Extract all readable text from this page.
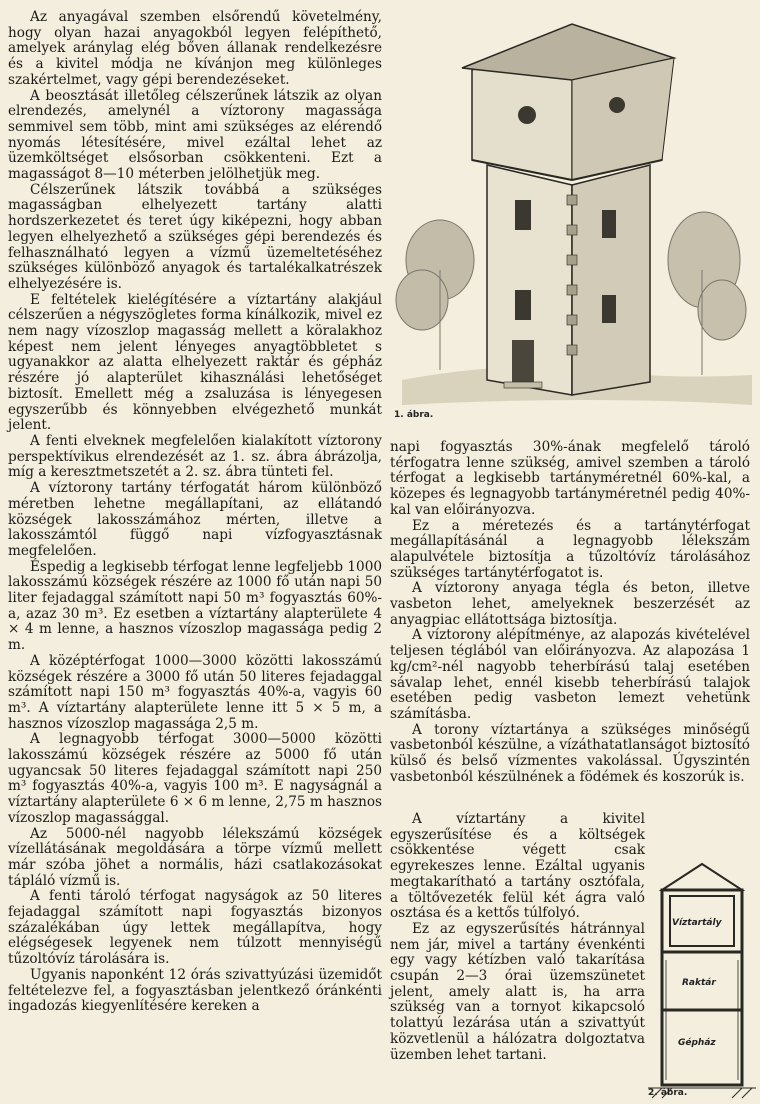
Az anyagával szemben elsőrendű követelmény, hogy olyan hazai anyagokból legyen felépíthető, amelyek aránylag elég bőven állanak rendelkezésre és a kivitel módja ne kívánjon meg különleges szakértelmet, vagy gépi berendezéseket.

A beosztását illetőleg célszerűnek látszik az olyan elrendezés, amelynél a víztorony magassága semmivel sem több, mint ami szükséges az elérendő nyomás létesítésére, mivel ezáltal lehet az üzemköltséget elsősorban csökkenteni. Ezt a magasságot 8—10 méterben jelölhetjük meg.

Célszerűnek látszik továbbá a szükséges magasságban elhelyezett tartány alatti hordszerkezetet és teret úgy kiképezni, hogy abban legyen elhelyezhető a szükséges gépi berendezés és felhasználható legyen a vízmű üzemeltetéséhez szükséges különböző anyagok és tartalékalkatrészek elhelyezésére is.

E feltételek kielégítésére a víztartány alakjául célszerűen a négyszögletes forma kínálkozik, mivel ez nem nagy vízoszlop magasság mellett a köralakhoz képest nem jelent lényeges anyagtöbbletet s ugyanakkor az alatta elhelyezett raktár és gépház részére jó alapterület kihasználási lehetőséget biztosít. Emellett még a zsaluzása is lényegesen egyszerűbb és könnyebben elvégezhető munkát jelent.

A fenti elveknek megfelelően kialakított víztorony perspektívikus elrendezését az 1. sz. ábra ábrázolja, míg a keresztmetszetét a 2. sz. ábra tünteti fel.

A víztorony tartány térfogatát három különböző méretben lehetne megállapítani, az ellátandó községek lakosszámához mérten, illetve a lakosszámtól függő napi vízfogyasztásnak megfelelően.

Éspedig a legkisebb térfogat lenne legfeljebb 1000 lakosszámú községek részére az 1000 fő után napi 50 liter fejadaggal számított napi 50 m³ fogyasztás 60%-a, azaz 30 m³. Ez esetben a víztartány alapterülete 4 × 4 m lenne, a hasznos vízoszlop magassága pedig 2 m.

A középtérfogat 1000—3000 közötti lakosszámú községek részére a 3000 fő után 50 literes fejadaggal számított napi 150 m³ fogyasztás 40%-a, vagyis 60 m³. A víztartány alapterülete lenne itt 5 × 5 m, a hasznos vízoszlop magassága 2,5 m.

A legnagyobb térfogat 3000—5000 közötti lakosszámú községek részére az 5000 fő után ugyancsak 50 literes fejadaggal számított napi 250 m³ fogyasztás 40%-a, vagyis 100 m³. E nagyságnál a víztartány alapterülete 6 × 6 m lenne, 2,75 m hasznos vízoszlop magassággal.

Az 5000-nél nagyobb lélekszámú községek vízellátásának megoldására a törpe vízmű mellett már szóba jöhet a normális, házi csatlakozásokat tápláló vízmű is.

A fenti tároló térfogat nagyságok az 50 literes fejadaggal számított napi fogyasztás bizonyos százalékában úgy lettek megállapítva, hogy elégségesek legyenek nem túlzott mennyiségű tűzoltóvíz tárolására is.

Ugyanis naponként 12 órás szivattyúzási üzemidőt feltételezve fel, a fogyasztásban jelentkező óránkénti ingadozás kiegyenlítésére kereken a

1. ábra.

napi fogyasztás 30%-ának megfelelő tároló térfogatra lenne szükség, amivel szemben a tároló térfogat a legkisebb tartányméretnél 60%-kal, a közepes és legnagyobb tartányméretnél pedig 40%-kal van előirányozva.

Ez a méretezés és a tartánytérfogat megállapításánál a legnagyobb lélekszám alapulvétele biztosítja a tűzoltóvíz tárolásához szükséges tartánytérfogatot is.

A víztorony anyaga tégla és beton, illetve vasbeton lehet, amelyeknek beszerzését az anyagpiac ellátottsága biztosítja.

A víztorony alépítménye, az alapozás kivételével teljesen téglából van előirányozva. Az alapozása 1 kg/cm²-nél nagyobb teherbírású talaj esetében sávalap lehet, ennél kisebb teherbírású talajok esetében pedig vasbeton lemezt vehetünk számításba.

A torony víztartánya a szükséges minőségű vasbetonból készülne, a vízáthatatlanságot biztosító külső és belső vízmentes vakolással. Úgyszintén vasbetonból készülnének a födémek és koszorúk is.

A víztartány a kivitel egyszerűsítése és a költségek csökkentése végett csak egyrekeszes lenne. Ezáltal ugyanis megtakarítható a tartány osztófala, a töltővezeték felül két ágra való osztása és a kettős túlfolyó.

Ez az egyszerűsítés hátránnyal nem jár, mivel a tartány évenkénti egy vagy kétízben való takarítása csupán 2—3 órai üzemszünetet jelent, amely alatt is, ha arra szükség van a tornyot kikapcsoló tolattyú lezárása után a szivattyút közvetlenül a hálózatra dolgoztatva üzemben lehet tartani.

Víztartály
Raktár
Gépház
2. ábra.
